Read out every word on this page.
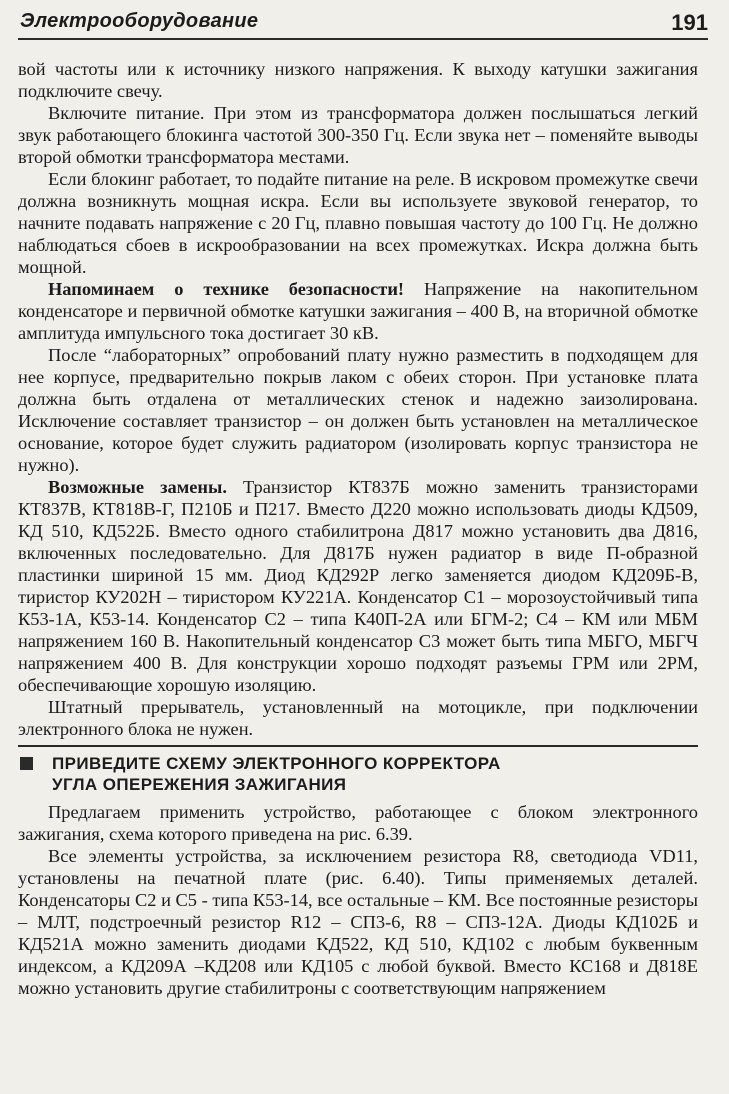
Электрооборудование	191

вой частоты или к источнику низкого напряжения. К выходу катушки зажигания подключите свечу.

Включите питание. При этом из трансформатора должен послышаться легкий звук работающего блокинга частотой 300-350 Гц. Если звука нет – поменяйте выводы второй обмотки трансформатора местами.

Если блокинг работает, то подайте питание на реле. В искровом промежутке свечи должна возникнуть мощная искра. Если вы используете звуковой генератор, то начните подавать напряжение с 20 Гц, плавно повышая частоту до 100 Гц. Не должно наблюдаться сбоев в искрообразовании на всех промежутках. Искра должна быть мощной.

Напоминаем о технике безопасности! Напряжение на накопительном конденсаторе и первичной обмотке катушки зажигания – 400 В, на вторичной обмотке амплитуда импульсного тока достигает 30 кВ.

После “лабораторных” опробований плату нужно разместить в подходящем для нее корпусе, предварительно покрыв лаком с обеих сторон. При установке плата должна быть отдалена от металлических стенок и надежно заизолирована. Исключение составляет транзистор – он должен быть установлен на металлическое основание, которое будет служить радиатором (изолировать корпус транзистора не нужно).

Возможные замены. Транзистор КТ837Б можно заменить транзисторами КТ837В, КТ818В-Г, П210Б и П217. Вместо Д220 можно использовать диоды КД509, КД 510, КД522Б. Вместо одного стабилитрона Д817 можно установить два Д816, включенных последовательно. Для Д817Б нужен радиатор в виде П-образной пластинки шириной 15 мм. Диод КД292Р легко заменяется диодом КД209Б-В, тиристор КУ202Н – тиристором КУ221А. Конденсатор С1 – морозоустойчивый типа К53-1А, К53-14. Конденсатор С2 – типа К40П-2А или БГМ-2; С4 – КМ или МБМ напряжением 160 В. Накопительный конденсатор С3 может быть типа МБГО, МБГЧ напряжением 400 В. Для конструкции хорошо подходят разъемы ГРМ или 2РМ, обеспечивающие хорошую изоляцию.

Штатный прерыватель, установленный на мотоцикле, при подключении электронного блока не нужен.

ПРИВЕДИТЕ СХЕМУ ЭЛЕКТРОННОГО КОРРЕКТОРА
УГЛА ОПЕРЕЖЕНИЯ ЗАЖИГАНИЯ

Предлагаем применить устройство, работающее с блоком электронного зажигания, схема которого приведена на рис. 6.39.

Все элементы устройства, за исключением резистора R8, светодиода VD11, установлены на печатной плате (рис. 6.40). Типы применяемых деталей. Конденсаторы С2 и С5 - типа К53-14, все остальные – КМ. Все постоянные резисторы – МЛТ, подстроечный резистор R12 – СП3-6, R8 – СП3-12А. Диоды КД102Б и КД521А можно заменить диодами КД522, КД 510, КД102 с любым буквенным индексом, а КД209А –КД208 или КД105 с любой буквой. Вместо КС168 и Д818Е можно установить другие стабилитроны с соответствующим напряжением
